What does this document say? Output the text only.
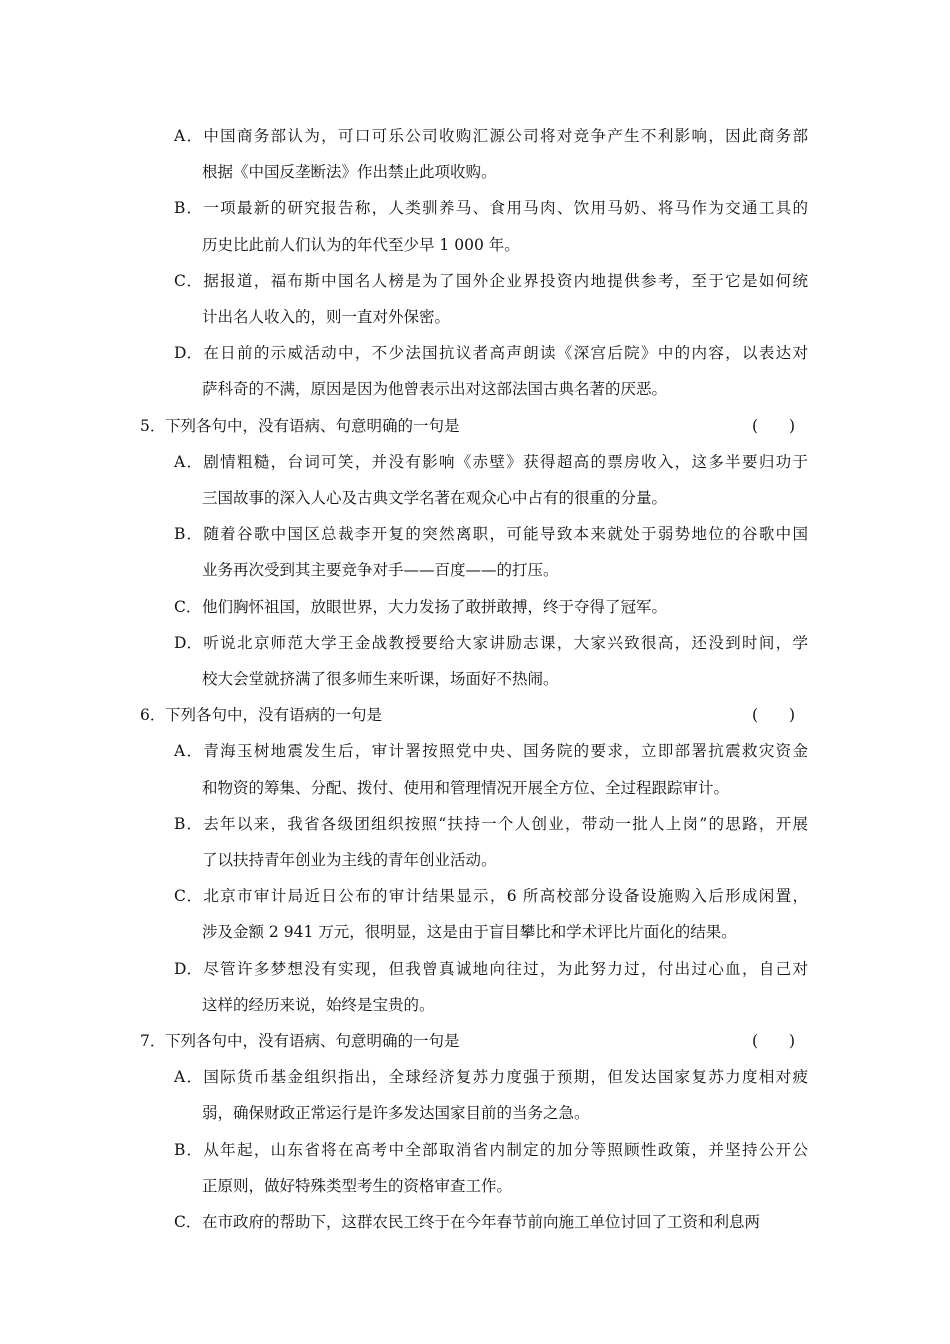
A．中国商务部认为，可口可乐公司收购汇源公司将对竞争产生不利影响，因此商务部
根据《中国反垄断法》作出禁止此项收购。
B．一项最新的研究报告称，人类驯养马、食用马肉、饮用马奶、将马作为交通工具的
历史比此前人们认为的年代至少早 1 000 年。
C．据报道，福布斯中国名人榜是为了国外企业界投资内地提供参考，至于它是如何统
计出名人收入的，则一直对外保密。
D．在日前的示威活动中，不少法国抗议者高声朗读《深宫后院》中的内容，以表达对
萨科奇的不满，原因是因为他曾表示出对这部法国古典名著的厌恶。
5．下列各句中，没有语病、句意明确的一句是	(　　)
A．剧情粗糙，台词可笑，并没有影响《赤壁》获得超高的票房收入，这多半要归功于
三国故事的深入人心及古典文学名著在观众心中占有的很重的分量。
B．随着谷歌中国区总裁李开复的突然离职，可能导致本来就处于弱势地位的谷歌中国
业务再次受到其主要竞争对手——百度——的打压。
C．他们胸怀祖国，放眼世界，大力发扬了敢拼敢搏，终于夺得了冠军。
D．听说北京师范大学王金战教授要给大家讲励志课，大家兴致很高，还没到时间，学
校大会堂就挤满了很多师生来听课，场面好不热闹。
6．下列各句中，没有语病的一句是	(　　)
A．青海玉树地震发生后，审计署按照党中央、国务院的要求，立即部署抗震救灾资金
和物资的筹集、分配、拨付、使用和管理情况开展全方位、全过程跟踪审计。
B．去年以来，我省各级团组织按照“扶持一个人创业，带动一批人上岗”的思路，开展
了以扶持青年创业为主线的青年创业活动。
C．北京市审计局近日公布的审计结果显示，6 所高校部分设备设施购入后形成闲置，
涉及金额 2 941 万元，很明显，这是由于盲目攀比和学术评比片面化的结果。
D．尽管许多梦想没有实现，但我曾真诚地向往过，为此努力过，付出过心血，自己对
这样的经历来说，始终是宝贵的。
7．下列各句中，没有语病、句意明确的一句是	(　　)
A．国际货币基金组织指出，全球经济复苏力度强于预期，但发达国家复苏力度相对疲
弱，确保财政正常运行是许多发达国家目前的当务之急。
B．从年起，山东省将在高考中全部取消省内制定的加分等照顾性政策，并坚持公开公
正原则，做好特殊类型考生的资格审查工作。
C．在市政府的帮助下，这群农民工终于在今年春节前向施工单位讨回了工资和利息两
